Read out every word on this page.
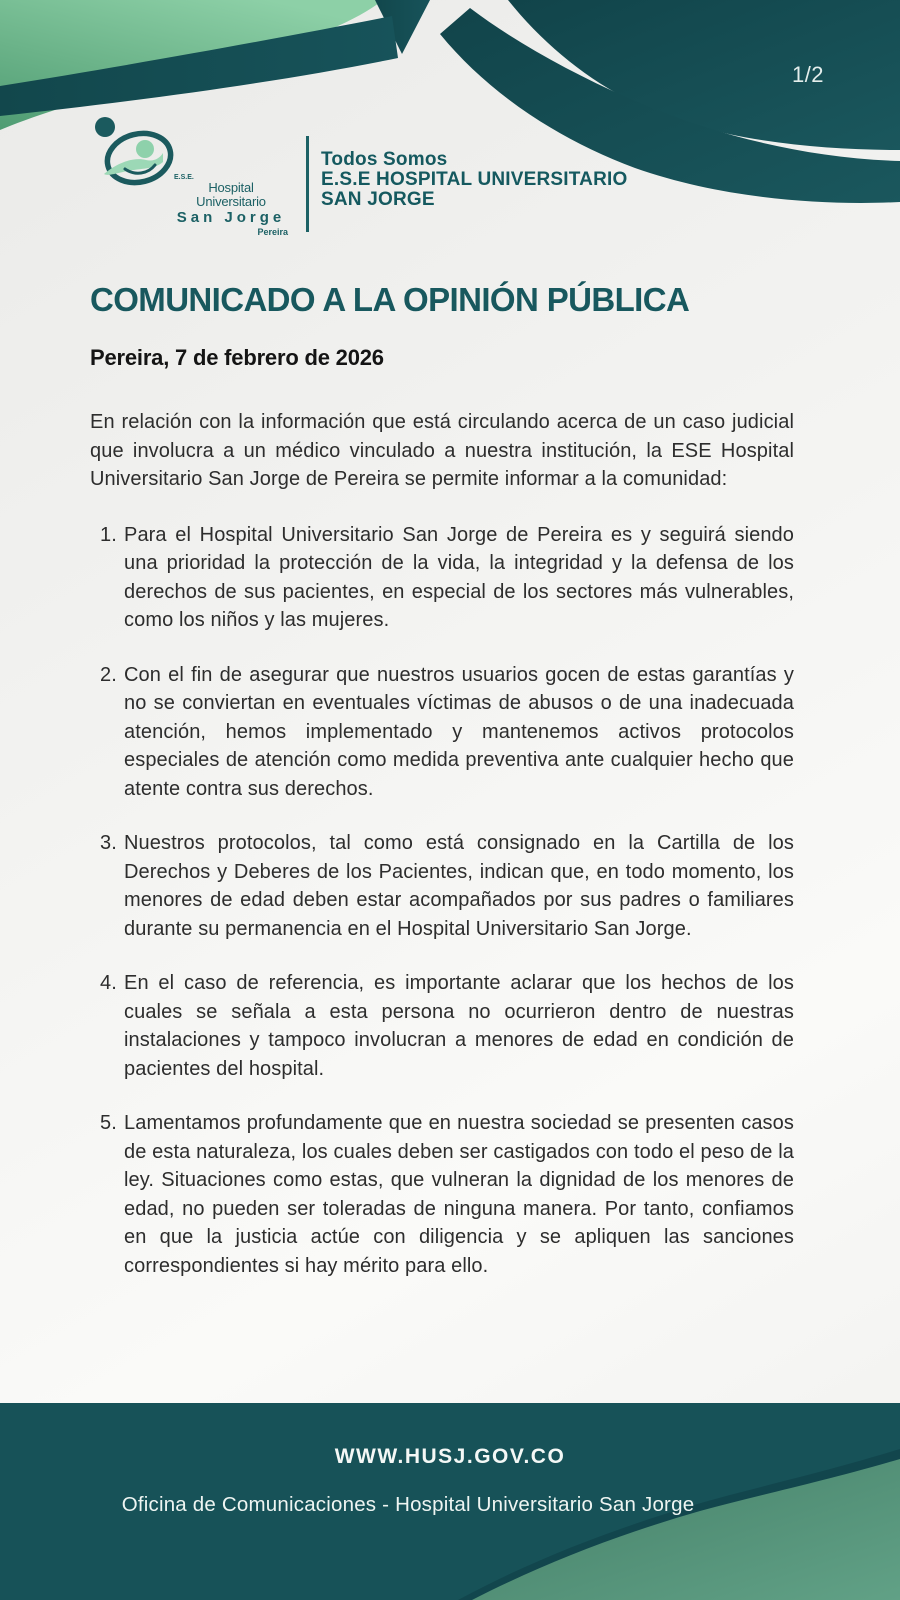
1/2
E.S.E.
Hospital Universitario
San Jorge
Pereira
Todos Somos
E.S.E HOSPITAL UNIVERSITARIO
SAN JORGE
COMUNICADO A LA OPINIÓN PÚBLICA
Pereira, 7 de febrero de 2026

En relación con la información que está circulando acerca de un caso judicial que involucra a un médico vinculado a nuestra institución, la ESE Hospital Universitario San Jorge de Pereira se permite informar a la comunidad:

1. Para el Hospital Universitario San Jorge de Pereira es y seguirá siendo una prioridad la protección de la vida, la integridad y la defensa de los derechos de sus pacientes, en especial de los sectores más vulnerables, como los niños y las mujeres.
2. Con el fin de asegurar que nuestros usuarios gocen de estas garantías y no se conviertan en eventuales víctimas de abusos o de una inadecuada atención, hemos implementado y mantenemos activos protocolos especiales de atención como medida preventiva ante cualquier hecho que atente contra sus derechos.
3. Nuestros protocolos, tal como está consignado en la Cartilla de los Derechos y Deberes de los Pacientes, indican que, en todo momento, los menores de edad deben estar acompañados por sus padres o familiares durante su permanencia en el Hospital Universitario San Jorge.
4. En el caso de referencia, es importante aclarar que los hechos de los cuales se señala a esta persona no ocurrieron dentro de nuestras instalaciones y tampoco involucran a menores de edad en condición de pacientes del hospital.
5. Lamentamos profundamente que en nuestra sociedad se presenten casos de esta naturaleza, los cuales deben ser castigados con todo el peso de la ley. Situaciones como estas, que vulneran la dignidad de los menores de edad, no pueden ser toleradas de ninguna manera. Por tanto, confiamos en que la justicia actúe con diligencia y se apliquen las sanciones correspondientes si hay mérito para ello.
WWW.HUSJ.GOV.CO
Oficina de Comunicaciones - Hospital Universitario San Jorge
